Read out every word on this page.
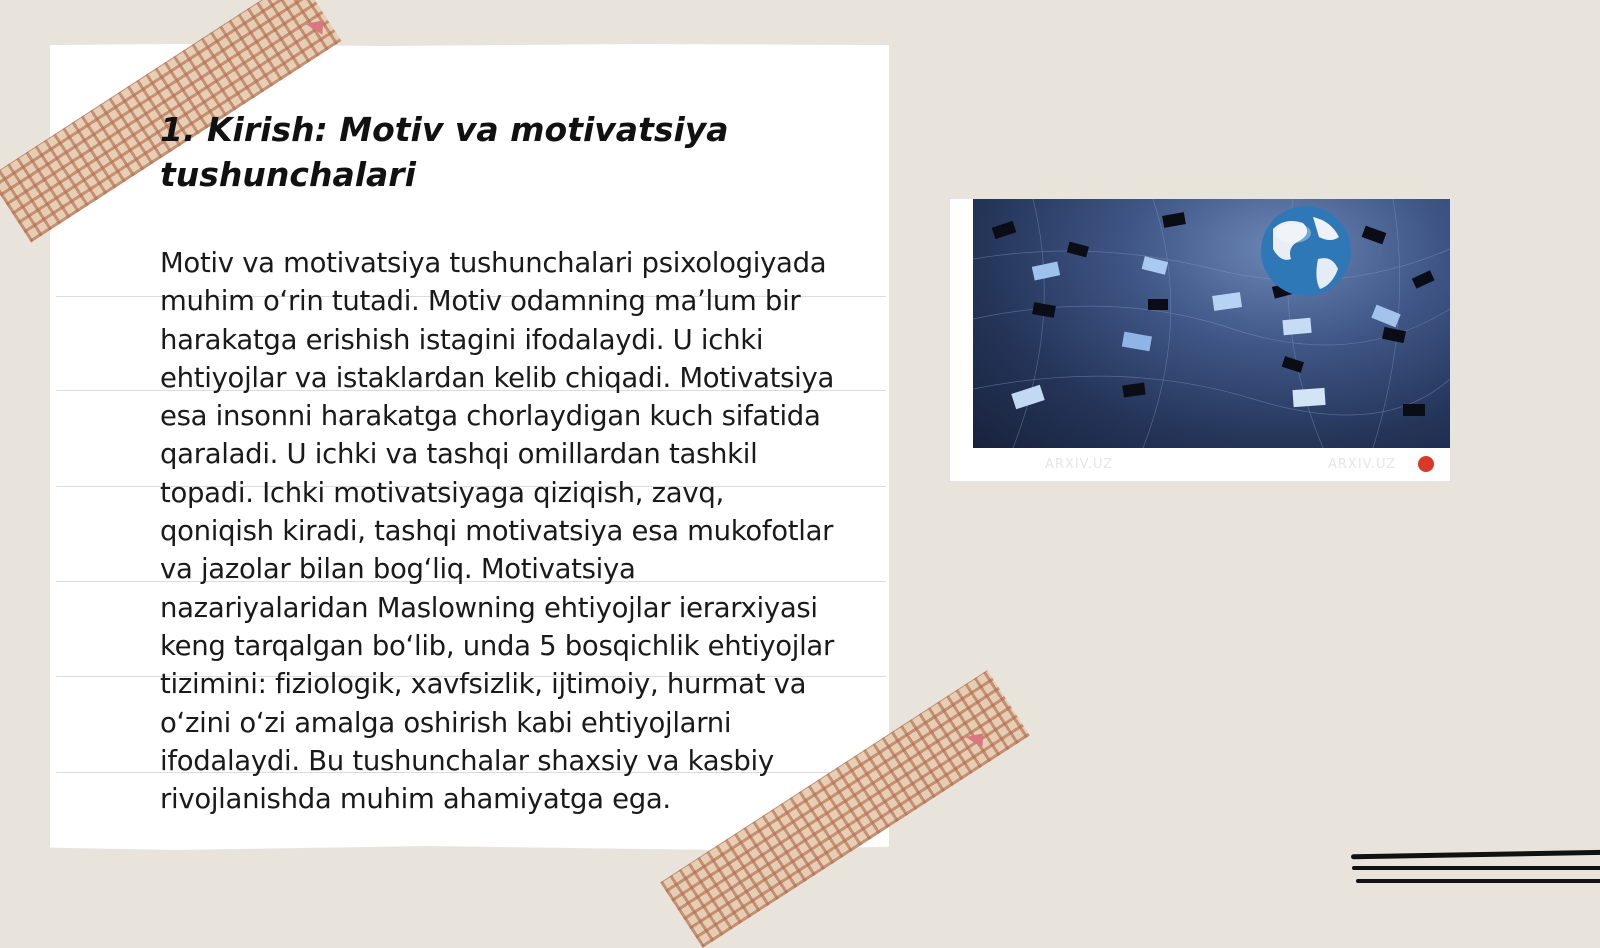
1. Kirish: Motiv va motivatsiya tushunchalari

Motiv va motivatsiya tushunchalari psixologiyada muhim oʻrin tutadi. Motiv odamning maʼlum bir harakatga erishish istagini ifodalaydi. U ichki ehtiyojlar va istaklardan kelib chiqadi. Motivatsiya esa insonni harakatga chorlaydigan kuch sifatida qaraladi. U ichki va tashqi omillardan tashkil topadi. Ichki motivatsiyaga qiziqish, zavq, qoniqish kiradi, tashqi motivatsiya esa mukofotlar va jazolar bilan bogʻliq. Motivatsiya nazariyalaridan Maslowning ehtiyojlar ierarxiyasi keng tarqalgan boʻlib, unda 5 bosqichlik ehtiyojlar tizimini: fiziologik, xavfsizlik, ijtimoiy, hurmat va oʻzini oʻzi amalga oshirish kabi ehtiyojlarni ifodalaydi. Bu tushunchalar shaxsiy va kasbiy rivojlanishda muhim ahamiyatga ega.

ARXIV.UZ	ARXIV.UZ
